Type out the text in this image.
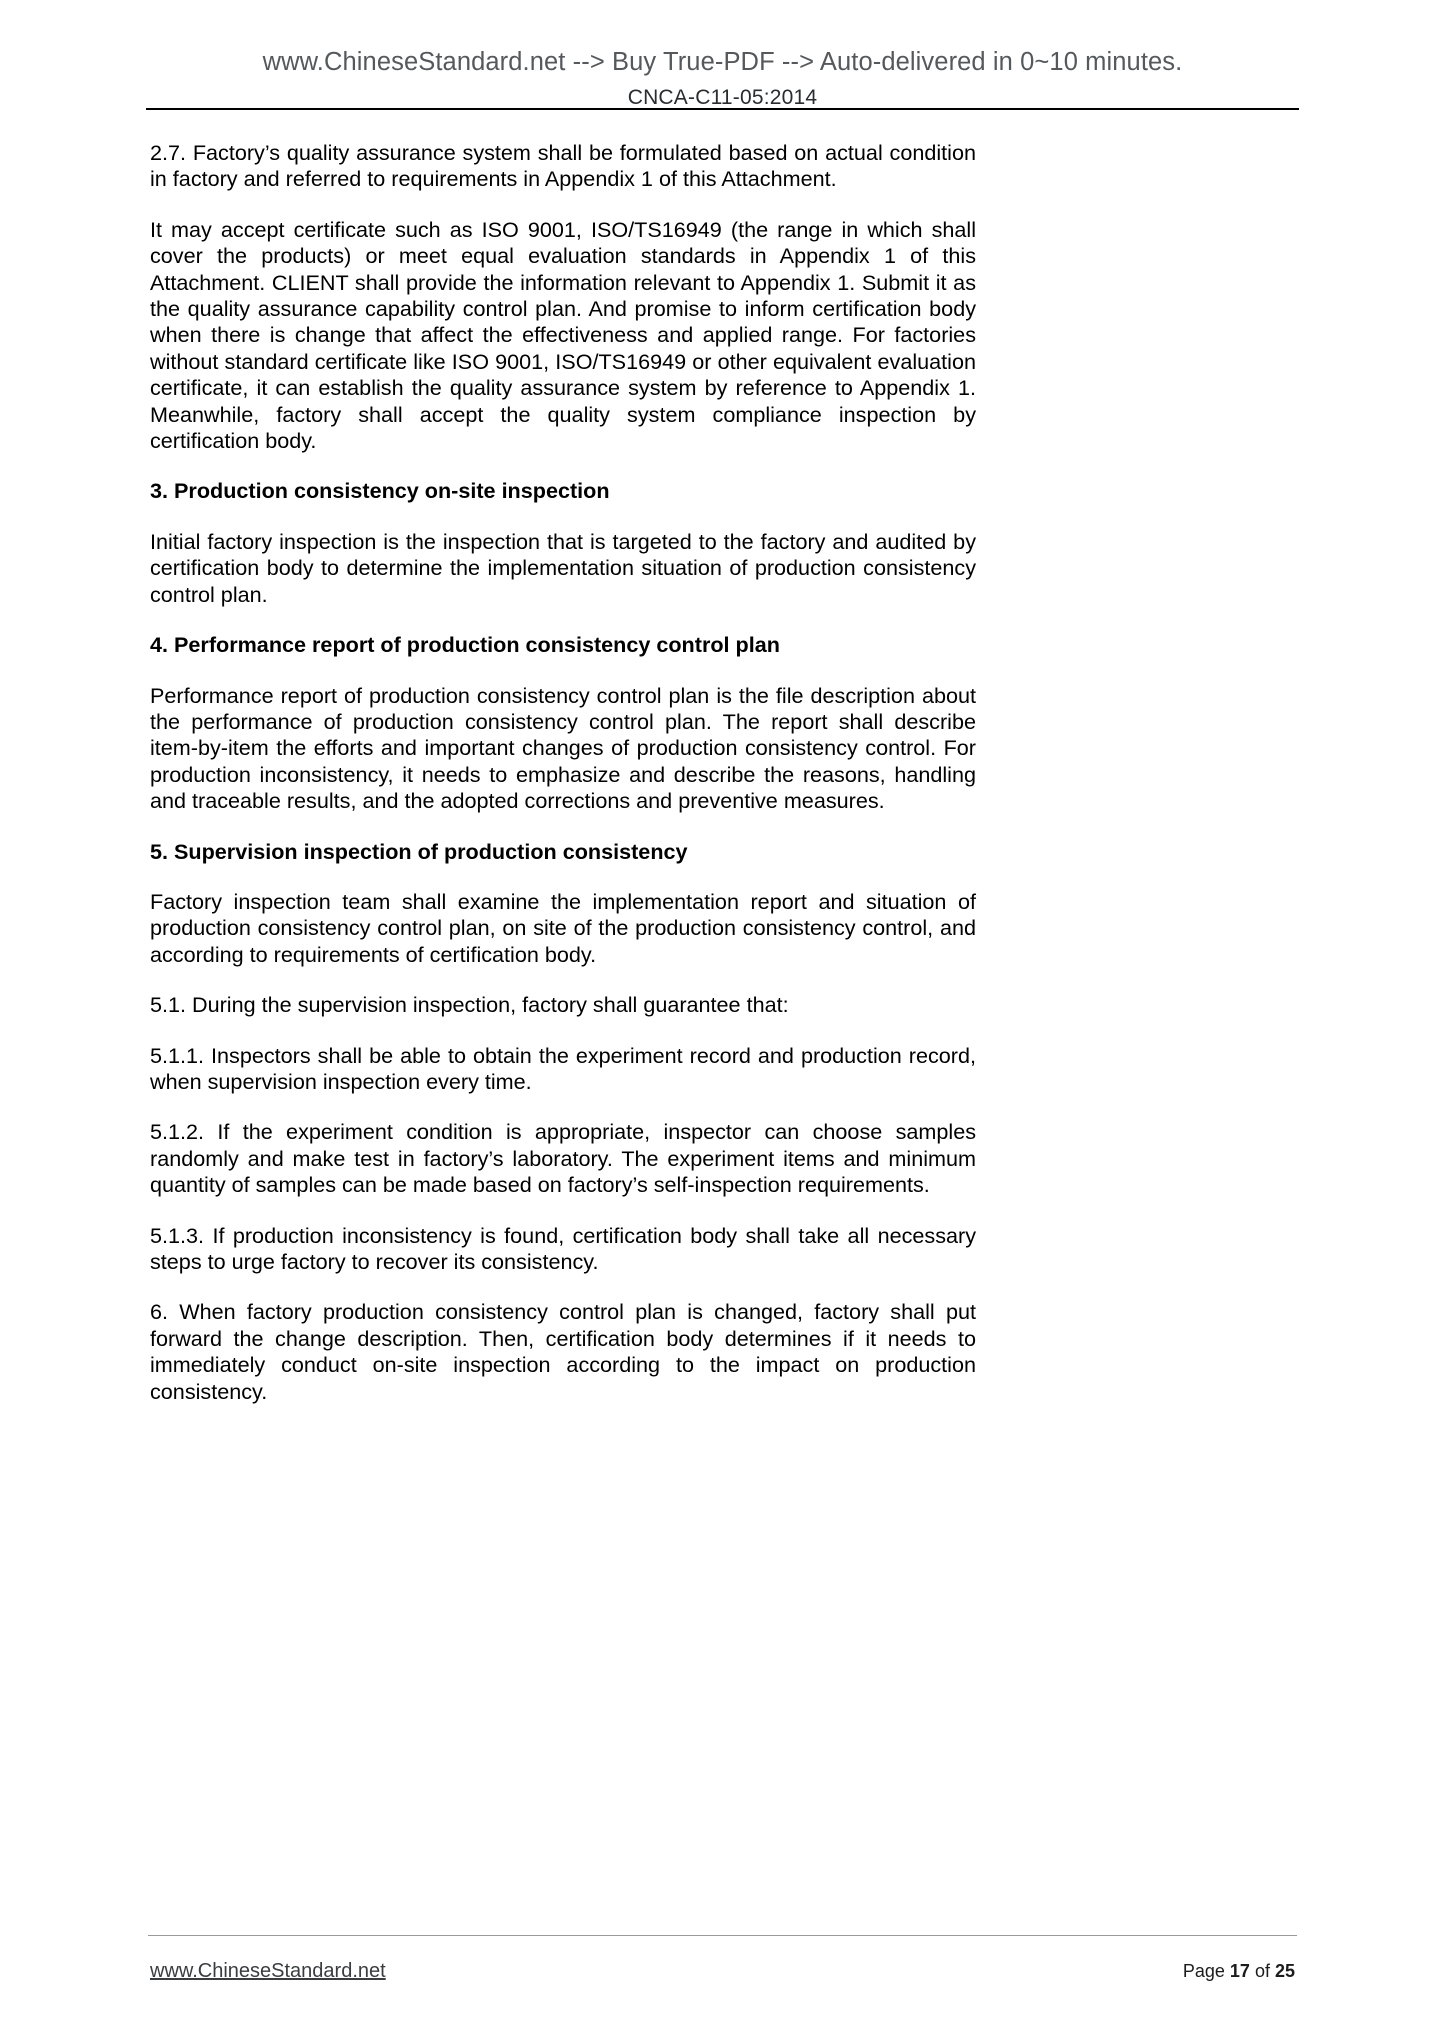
www.ChineseStandard.net --> Buy True-PDF --> Auto-delivered in 0~10 minutes.
CNCA-C11-05:2014

2.7. Factory’s quality assurance system shall be formulated based on actual condition in factory and referred to requirements in Appendix 1 of this Attachment.

It may accept certificate such as ISO 9001, ISO/TS16949 (the range in which shall cover the products) or meet equal evaluation standards in Appendix 1 of this Attachment. CLIENT shall provide the information relevant to Appendix 1. Submit it as the quality assurance capability control plan. And promise to inform certification body when there is change that affect the effectiveness and applied range. For factories without standard certificate like ISO 9001, ISO/TS16949 or other equivalent evaluation certificate, it can establish the quality assurance system by reference to Appendix 1. Meanwhile, factory shall accept the quality system compliance inspection by certification body.

3. Production consistency on-site inspection

Initial factory inspection is the inspection that is targeted to the factory and audited by certification body to determine the implementation situation of production consistency control plan.

4. Performance report of production consistency control plan

Performance report of production consistency control plan is the file description about the performance of production consistency control plan. The report shall describe item-by-item the efforts and important changes of production consistency control. For production inconsistency, it needs to emphasize and describe the reasons, handling and traceable results, and the adopted corrections and preventive measures.

5. Supervision inspection of production consistency

Factory inspection team shall examine the implementation report and situation of production consistency control plan, on site of the production consistency control, and according to requirements of certification body.

5.1. During the supervision inspection, factory shall guarantee that:

5.1.1. Inspectors shall be able to obtain the experiment record and production record, when supervision inspection every time.

5.1.2. If the experiment condition is appropriate, inspector can choose samples randomly and make test in factory’s laboratory. The experiment items and minimum quantity of samples can be made based on factory’s self-inspection requirements.

5.1.3. If production inconsistency is found, certification body shall take all necessary steps to urge factory to recover its consistency.

6. When factory production consistency control plan is changed, factory shall put forward the change description. Then, certification body determines if it needs to immediately conduct on-site inspection according to the impact on production consistency.

www.ChineseStandard.net	Page 17 of 25
